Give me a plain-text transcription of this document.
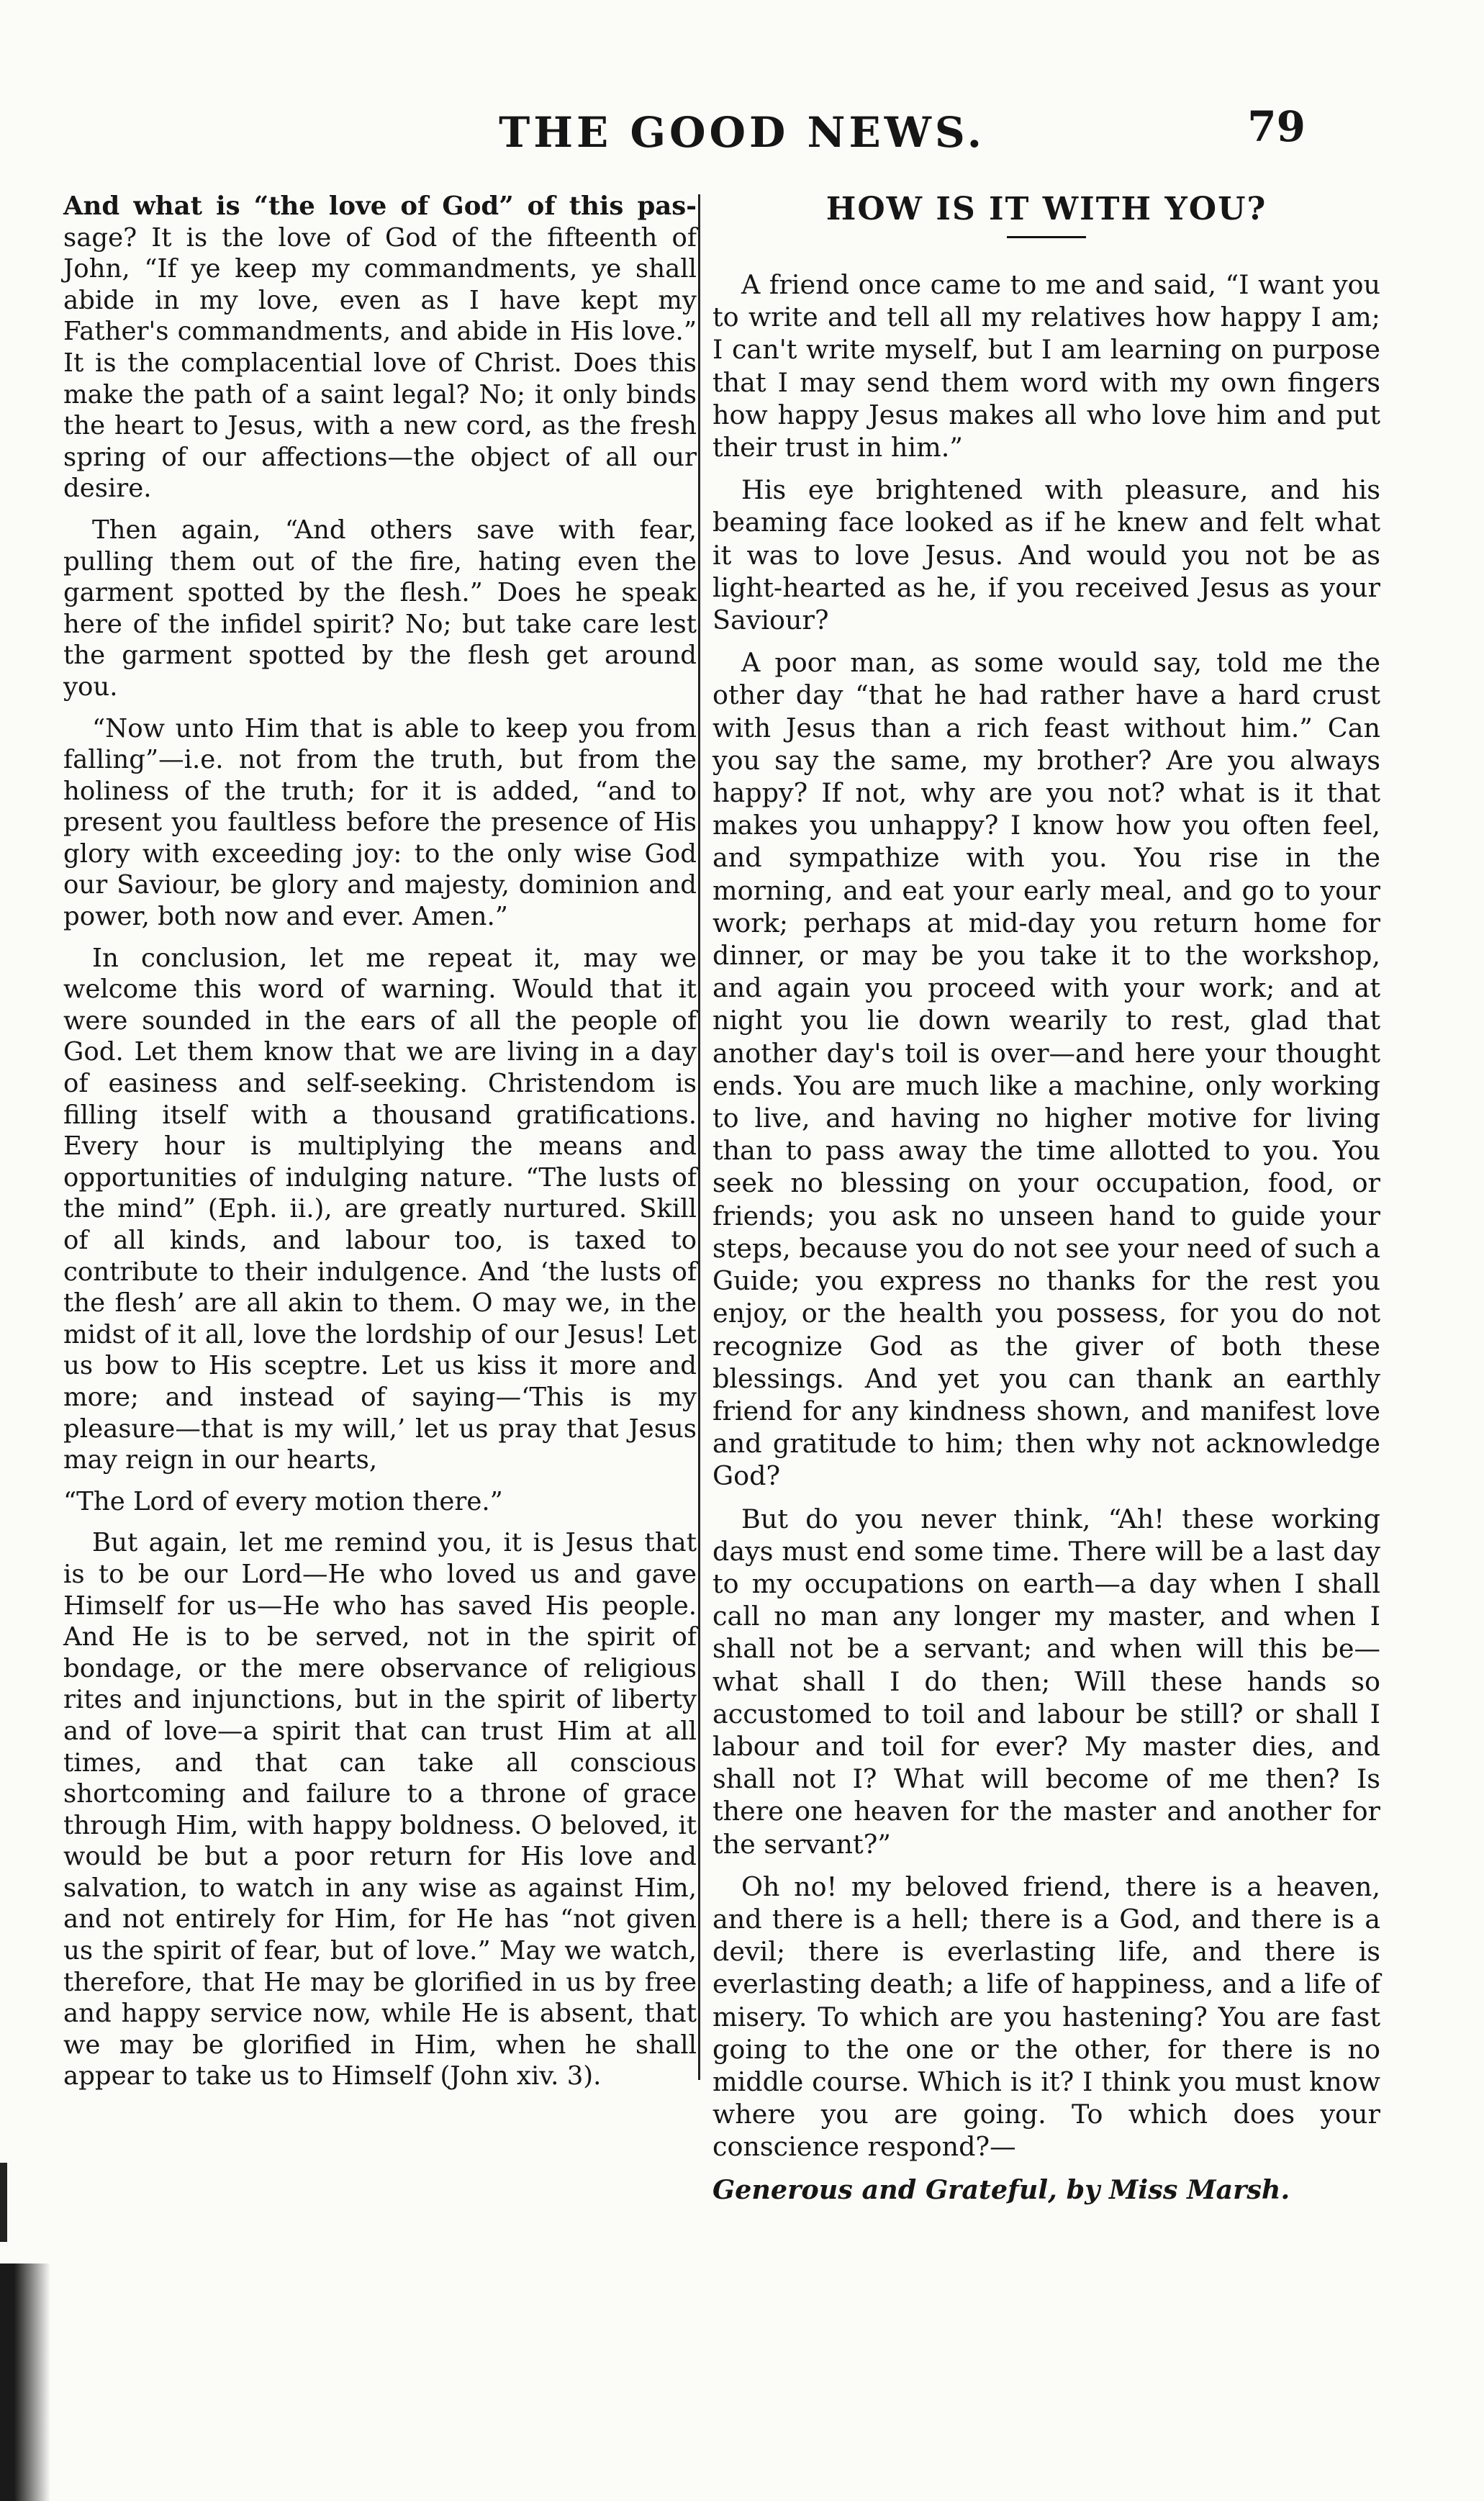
THE GOOD NEWS.	79

And what is “the love of God” of this pas- sage? It is the love of God of the fifteenth of John, “If ye keep my commandments, ye shall abide in my love, even as I have kept my Father's commandments, and abide in His love.” It is the complacential love of Christ. Does this make the path of a saint legal? No; it only binds the heart to Jesus, with a new cord, as the fresh spring of our affections—the object of all our desire.

Then again, “And others save with fear, pulling them out of the fire, hating even the garment spotted by the flesh.” Does he speak here of the infidel spirit? No; but take care lest the garment spotted by the flesh get around you.

“Now unto Him that is able to keep you from falling”—i.e. not from the truth, but from the holiness of the truth; for it is added, “and to present you faultless before the presence of His glory with exceeding joy: to the only wise God our Saviour, be glory and majesty, dominion and power, both now and ever. Amen.”

In conclusion, let me repeat it, may we welcome this word of warning. Would that it were sounded in the ears of all the people of God. Let them know that we are living in a day of easiness and self-seeking. Christendom is filling itself with a thousand gratifications. Every hour is multiplying the means and opportunities of indulging nature. “The lusts of the mind” (Eph. ii.), are greatly nurtured. Skill of all kinds, and labour too, is taxed to contribute to their indulgence. And ‘the lusts of the flesh’ are all akin to them. O may we, in the midst of it all, love the lordship of our Jesus! Let us bow to His sceptre. Let us kiss it more and more; and instead of saying—‘This is my pleasure—that is my will,’ let us pray that Jesus may reign in our hearts,

“The Lord of every motion there.”

But again, let me remind you, it is Jesus that is to be our Lord—He who loved us and gave Himself for us—He who has saved His people. And He is to be served, not in the spirit of bondage, or the mere observance of religious rites and injunctions, but in the spirit of liberty and of love—a spirit that can trust Him at all times, and that can take all conscious shortcoming and failure to a throne of grace through Him, with happy boldness. O beloved, it would be but a poor return for His love and salvation, to watch in any wise as against Him, and not entirely for Him, for He has “not given us the spirit of fear, but of love.” May we watch, therefore, that He may be glorified in us by free and happy service now, while He is absent, that we may be glorified in Him, when he shall appear to take us to Himself (John xiv. 3).

HOW IS IT WITH YOU?

A friend once came to me and said, “I want you to write and tell all my relatives how happy I am; I can't write myself, but I am learning on purpose that I may send them word with my own fingers how happy Jesus makes all who love him and put their trust in him.”

His eye brightened with pleasure, and his beaming face looked as if he knew and felt what it was to love Jesus. And would you not be as light-hearted as he, if you received Jesus as your Saviour?

A poor man, as some would say, told me the other day “that he had rather have a hard crust with Jesus than a rich feast without him.” Can you say the same, my brother? Are you always happy? If not, why are you not? what is it that makes you unhappy? I know how you often feel, and sympathize with you. You rise in the morning, and eat your early meal, and go to your work; perhaps at mid-day you return home for dinner, or may be you take it to the workshop, and again you proceed with your work; and at night you lie down wearily to rest, glad that another day's toil is over—and here your thought ends. You are much like a machine, only working to live, and having no higher motive for living than to pass away the time allotted to you. You seek no blessing on your occupation, food, or friends; you ask no unseen hand to guide your steps, because you do not see your need of such a Guide; you express no thanks for the rest you enjoy, or the health you possess, for you do not recognize God as the giver of both these blessings. And yet you can thank an earthly friend for any kindness shown, and manifest love and gratitude to him; then why not acknowledge God?

But do you never think, “Ah! these working days must end some time. There will be a last day to my occupations on earth—a day when I shall call no man any longer my master, and when I shall not be a servant; and when will this be—what shall I do then; Will these hands so accustomed to toil and labour be still? or shall I labour and toil for ever? My master dies, and shall not I? What will become of me then? Is there one heaven for the master and another for the servant?”

Oh no! my beloved friend, there is a heaven, and there is a hell; there is a God, and there is a devil; there is everlasting life, and there is everlasting death; a life of happiness, and a life of misery. To which are you hastening? You are fast going to the one or the other, for there is no middle course. Which is it? I think you must know where you are going. To which does your conscience respond?—

Generous and Grateful, by Miss Marsh.
